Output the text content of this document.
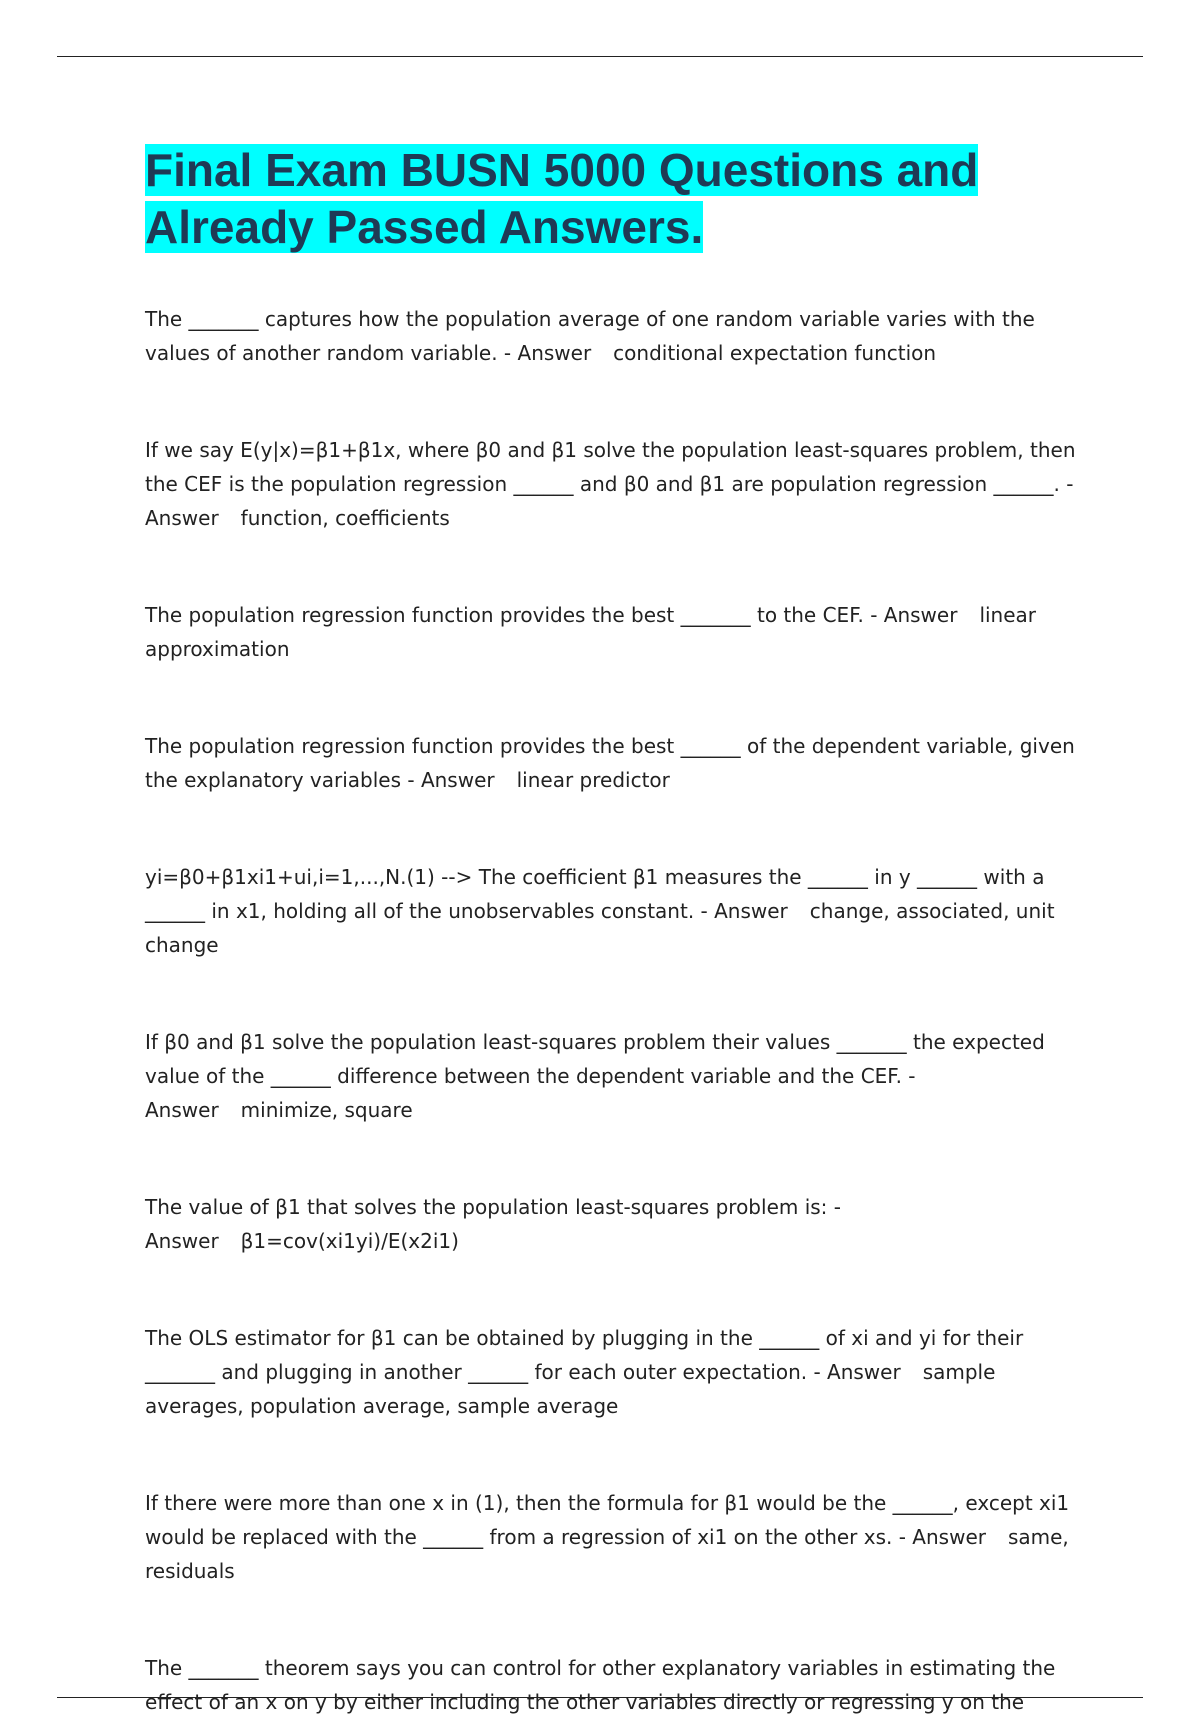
Final Exam BUSN 5000 Questions and Already Passed Answers.

The _______ captures how the population average of one random variable varies with the values of another random variable. - Answer conditional expectation function

If we say E(y|x)=β1+β1x, where β0 and β1 solve the population least-squares problem, then the CEF is the population regression ______ and β0 and β1 are population regression ______. - Answer function, coefficients

The population regression function provides the best _______ to the CEF. - Answer linear approximation

The population regression function provides the best ______ of the dependent variable, given the explanatory variables - Answer linear predictor

yi=β0+β1xi1+ui,i=1,...,N.(1) --> The coefficient β1 measures the ______ in y ______ with a ______ in x1, holding all of the unobservables constant. - Answer change, associated, unit change

If β0 and β1 solve the population least-squares problem their values _______ the expected value of the ______ difference between the dependent variable and the CEF. - Answer minimize, square

The value of β1 that solves the population least-squares problem is: - Answer β1=cov(xi1yi)/E(x2i1)

The OLS estimator for β1 can be obtained by plugging in the ______ of xi and yi for their _______ and plugging in another ______ for each outer expectation. - Answer sample averages, population average, sample average

If there were more than one x in (1), then the formula for β1 would be the ______, except xi1 would be replaced with the ______ from a regression of xi1 on the other xs. - Answer same, residuals

The _______ theorem says you can control for other explanatory variables in estimating the effect of an x on y by either including the other variables directly or regressing y on the
